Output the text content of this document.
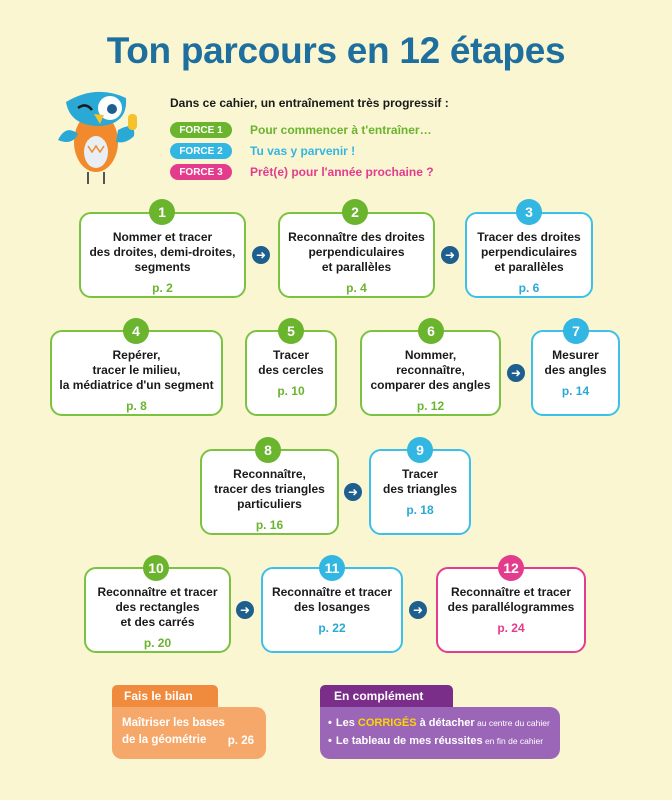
Ton parcours en 12 étapes
Dans ce cahier, un entraînement très progressif :
FORCE 1	Pour commencer à t'entraîner…
FORCE 2	Tu vas y parvenir !
FORCE 3	Prêt(e) pour l'année prochaine ?
Nommer et tracer
des droites, demi-droites,
segments
p. 2
1
➜
Reconnaître des droites
perpendiculaires
et parallèles
p. 4
2
➜
Tracer des droites
perpendiculaires
et parallèles
p. 6
3
Repérer,
tracer le milieu,
la médiatrice d'un segment
p. 8
4
Tracer
des cercles
p. 10
5
Nommer,
reconnaître,
comparer des angles
p. 12
6
➜
Mesurer
des angles
p. 14
7
Reconnaître,
tracer des triangles
particuliers
p. 16
8
➜
Tracer
des triangles
p. 18
9
Reconnaître et tracer
des rectangles
et des carrés
p. 20
10
➜
Reconnaître et tracer
des losanges
p. 22
11
➜
Reconnaître et tracer
des parallélogrammes
p. 24
12
Fais le bilan
Maîtriser les bases
de la géométrie	p. 26
En complément
• Les CORRIGÉS à détacher au centre du cahier
• Le tableau de mes réussites en fin de cahier
